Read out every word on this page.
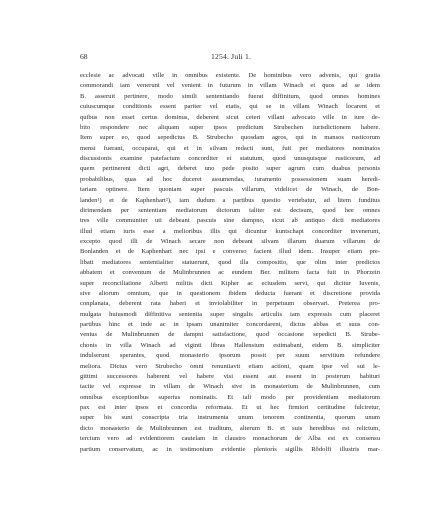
68	1254. Juli 1.
ecclesie ac advocati ville in omnibus existente. De hominibus vero advenis, qui gratia
commorandi iam venerunt vel venient in futurum in villam Winach et quos ad se idem
B. asseruit pertinere, modo simili sententiando fuerat diffinitum, quod omnes homines
cuiuscumque conditionis essent pariter vel etatis, qui se in villam Winach locarent et
quibus non esset certus dominus, deberent sicut ceteri villani advocato ville in iure de-
bito respondere nec aliquam super ipsos predictum Strubechen iurisdictionem habere.
Item super eo, quod sepedictus B. Strubecho quosdam agros, qui in mansos rusticorum
mensi fuerant, occuparat, qui et in silvam redacti sunt, fuit per mediatores nominatos
discussionis examine patefactum concorditer et statutum, quod unusquisque rusticorum, ad
quem pertinerent dicti agri, deberet uno pede posito super agrum cum duabus personis
probabilibus, quas ad hoc duceret assumendas, iuramento possessionem suam heredi-
tariam optinere. Item quoniam super pascuis villarum, videlicet de Winach, de Bon-
landen¹) et de Kaphenhart²), iam dudum a partibus questio vertebatur, ad litem funditus
dirimendam per sententiam mediatorum dictorum taliter est decisum, quod hee omnes
tres ville communiter uti debeant pascuis sine dampno, sicut ab antiquo dicti mediatores
illud etiam iuris esse a melioribus illis qui dicuntur kuntschapt concorditer invenerunt,
excepto quod illi de Winach secare non debeant silvam illarum duarum villarum de
Bonlanden et de Kaphenhart nec ipsi e converso facient illud idem. Insuper etiam pre-
libati mediatores sententialiter statuerunt, quod illa compositio, que olim inter predictos
abbatem et conventum de Mulinbrunnen ac eundem Ber. militem facta fuit in Phorzein
super reconciliatione Alberti militis dicti Kipher ac eciusdem servi, qui dicitur Iuvenis,
sive aliorum omnium, que in questionem ibidem deducta fuerant et discretione provida
conplanata, deberent rata haberi et inviolabiliter in perpetuum observari. Preterea pro-
mulgata huiusmodi diffinitiva sententia super singulis articulis iam expressis cum placeret
partibus hinc et inde ac in ipsam unanimiter concordarent, dictus abbas et suus con-
ventus de Mulinbrunnen de dampni satisfactione, quod occasione sepedicti B. Strube-
chonis in villa Winach ad viginti libras Hallensium estimabant, eidem B. simpliciter
indulserunt sperantes, quod monasterio ipsorum possit per suum servitium refundere
meliora. Dictus vero Strubecho omni renuntiavit etiam actioni, quam ipse vel sui le-
gittimi successores haberent vel habere visi essent aut essent in posterum habituri
tacite vel expresse in villam de Winach sive in monasterium de Mulinbrunnen, cum
omnibus exceptionibus superius nominatis. Et tali modo per providentiam mediatorum
pax est inter ipsos et concordia reformata. Et ut hec firmiori certitudine fulciretur,
super his sunt conscripta tria instrumenta unum tenorem continentia, quorum unum
dicto monasterio de Mulinbrunnen est traditum, alterum B. et suis heredibus est relictum,
tercium vero ad evidentiorem cautelam in claustro monachorum de Alba est ex consensu
partium conservatum, ac in testimonium evidentie pleniorís sigillis Rŏdolfi illustris mar-
